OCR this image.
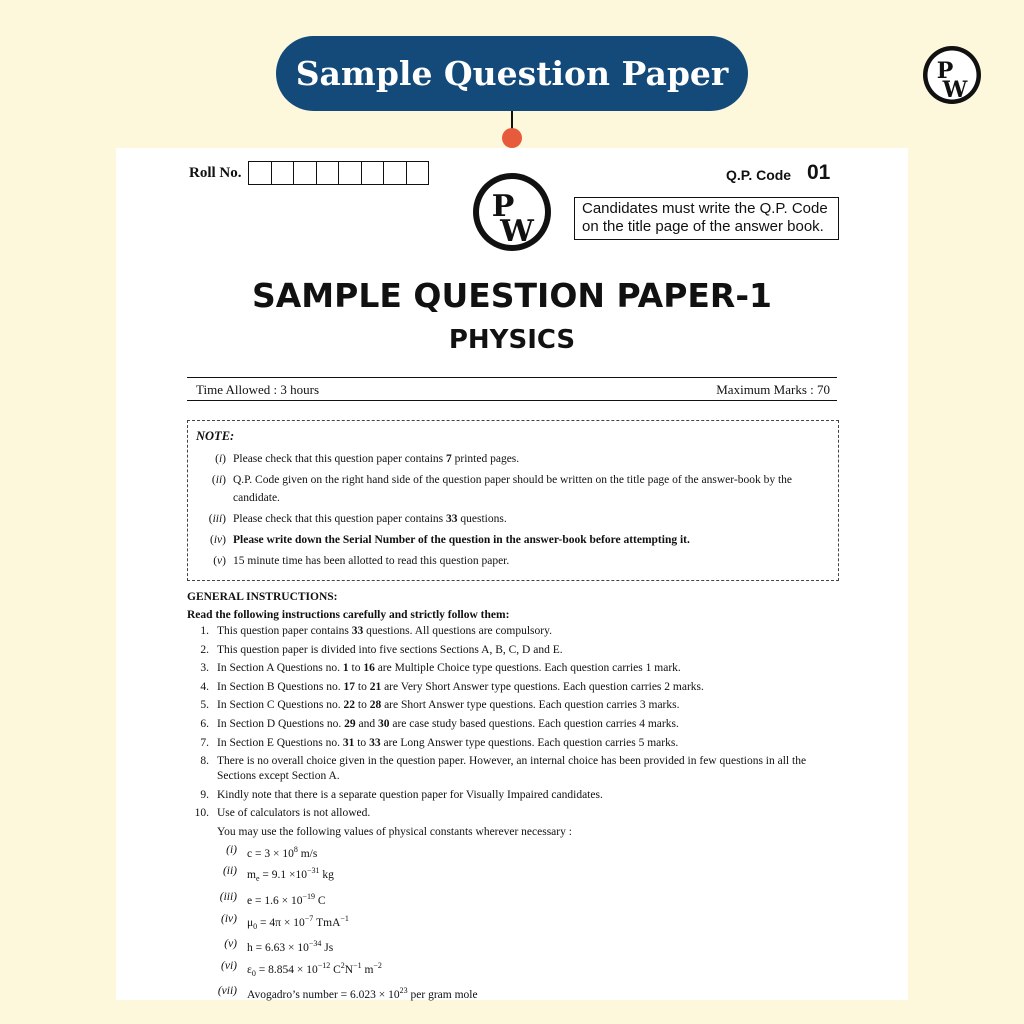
Sample Question Paper	P
W
Roll No.	Q.P. Code 01
P
W
Candidates must write the Q.P. Code on the title page of the answer book.
SAMPLE QUESTION PAPER-1
PHYSICS
Time Allowed : 3 hours	Maximum Marks : 70
NOTE:
(i) Please check that this question paper contains 7 printed pages.
(ii) Q.P. Code given on the right hand side of the question paper should be written on the title page of the answer-book by the candidate.
(iii) Please check that this question paper contains 33 questions.
(iv) Please write down the Serial Number of the question in the answer-book before attempting it.
(v) 15 minute time has been allotted to read this question paper.
GENERAL INSTRUCTIONS:
Read the following instructions carefully and strictly follow them:
1. This question paper contains 33 questions. All questions are compulsory.
2. This question paper is divided into five sections Sections A, B, C, D and E.
3. In Section A Questions no. 1 to 16 are Multiple Choice type questions. Each question carries 1 mark.
4. In Section B Questions no. 17 to 21 are Very Short Answer type questions. Each question carries 2 marks.
5. In Section C Questions no. 22 to 28 are Short Answer type questions. Each question carries 3 marks.
6. In Section D Questions no. 29 and 30 are case study based questions. Each question carries 4 marks.
7. In Section E Questions no. 31 to 33 are Long Answer type questions. Each question carries 5 marks.
8. There is no overall choice given in the question paper. However, an internal choice has been provided in few questions in all the Sections except Section A.
9. Kindly note that there is a separate question paper for Visually Impaired candidates.
10. Use of calculators is not allowed.
You may use the following values of physical constants wherever necessary :
(i) $c = 3 \times 10^8$ m/s
(ii) $m_e = 9.1 \times 10^{-31}$ kg
(iii) $e = 1.6 \times 10^{-19}$ C
(iv) $\mu_0 = 4\pi \times 10^{-7}$ TmA$^{-1}$
(v) $h = 6.63 \times 10^{-34}$ Js
(vi) $\varepsilon_0 = 8.854 \times 10^{-12}$ $C^2N^{-1}$ $m^{-2}$
(vii) Avogadro’s number = $6.023 \times 10^{23}$ per gram mole
